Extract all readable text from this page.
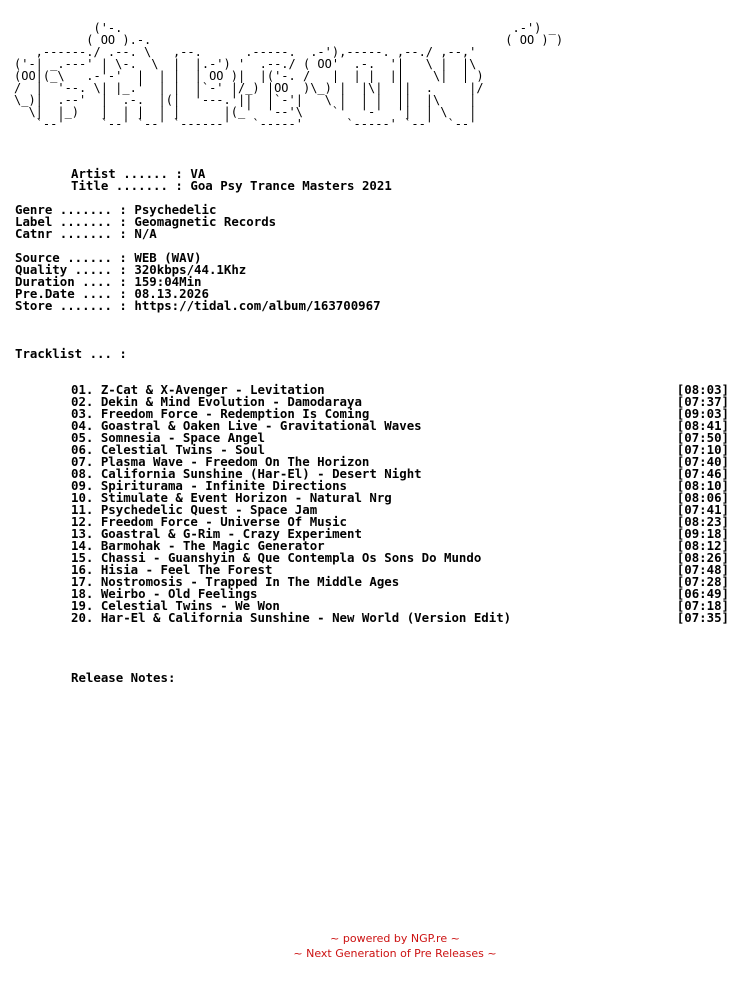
('-.                                                      .-') _
( OO ).-.                                                 ( OO ) )
,------./ .--. \   ,--.      .-----.  .-'),-----. ,--./ ,--,'
('-| _.---' | \-.  \  |  |.-') '  .--./ ( OO'  .-.  '|   \ |  |\
(OO|(_\   .-'-'  |  | |  | OO )|  |('-. /   |  | |  ||    \|  | )
/  |  '--. \| |_.'  | |  |`-' |/_) |OO  )\_) |  |\|  ||  .     |/
\_)|  .--'  |  .-.  |(|  '---.'||  |`-'|   \ |  | |  ||  |\    |
\|  |_)   |  | |  | |      |(_'  '--'\    `'  '-'  '|  | \   |
`--'     `--' `--' `------'   `-----'      `-----' `--'  `--'
Artist ...... : VA
Title ....... : Goa Psy Trance Masters 2021
Genre ....... : Psychedelic
Label ....... : Geomagnetic Records
Catnr ....... : N/A
Source ...... : WEB (WAV)
Quality ..... : 320kbps/44.1Khz
Duration .... : 159:04Min
Pre.Date .... : 08.13.2026
Store ....... : https://tidal.com/album/163700967
Tracklist ... :
01. Z-Cat & X-Avenger - Levitation	[08:03]
02. Dekin & Mind Evolution - Damodaraya	[07:37]
03. Freedom Force - Redemption Is Coming	[09:03]
04. Goastral & Oaken Live - Gravitational Waves	[08:41]
05. Somnesia - Space Angel	[07:50]
06. Celestial Twins - Soul	[07:10]
07. Plasma Wave - Freedom On The Horizon	[07:40]
08. California Sunshine (Har-El) - Desert Night	[07:46]
09. Spiriturama - Infinite Directions	[08:10]
10. Stimulate & Event Horizon - Natural Nrg	[08:06]
11. Psychedelic Quest - Space Jam	[07:41]
12. Freedom Force - Universe Of Music	[08:23]
13. Goastral & G-Rim - Crazy Experiment	[09:18]
14. Barmohak - The Magic Generator	[08:12]
15. Chassi - Guanshyin & Que Contempla Os Sons Do Mundo	[08:26]
16. Hisia - Feel The Forest	[07:48]
17. Nostromosis - Trapped In The Middle Ages	[07:28]
18. Weirbo - Old Feelings	[06:49]
19. Celestial Twins - We Won	[07:18]
20. Har-El & California Sunshine - New World (Version Edit)	[07:35]
Release Notes:
~ powered by NGP.re ~
~ Next Generation of Pre Releases ~
